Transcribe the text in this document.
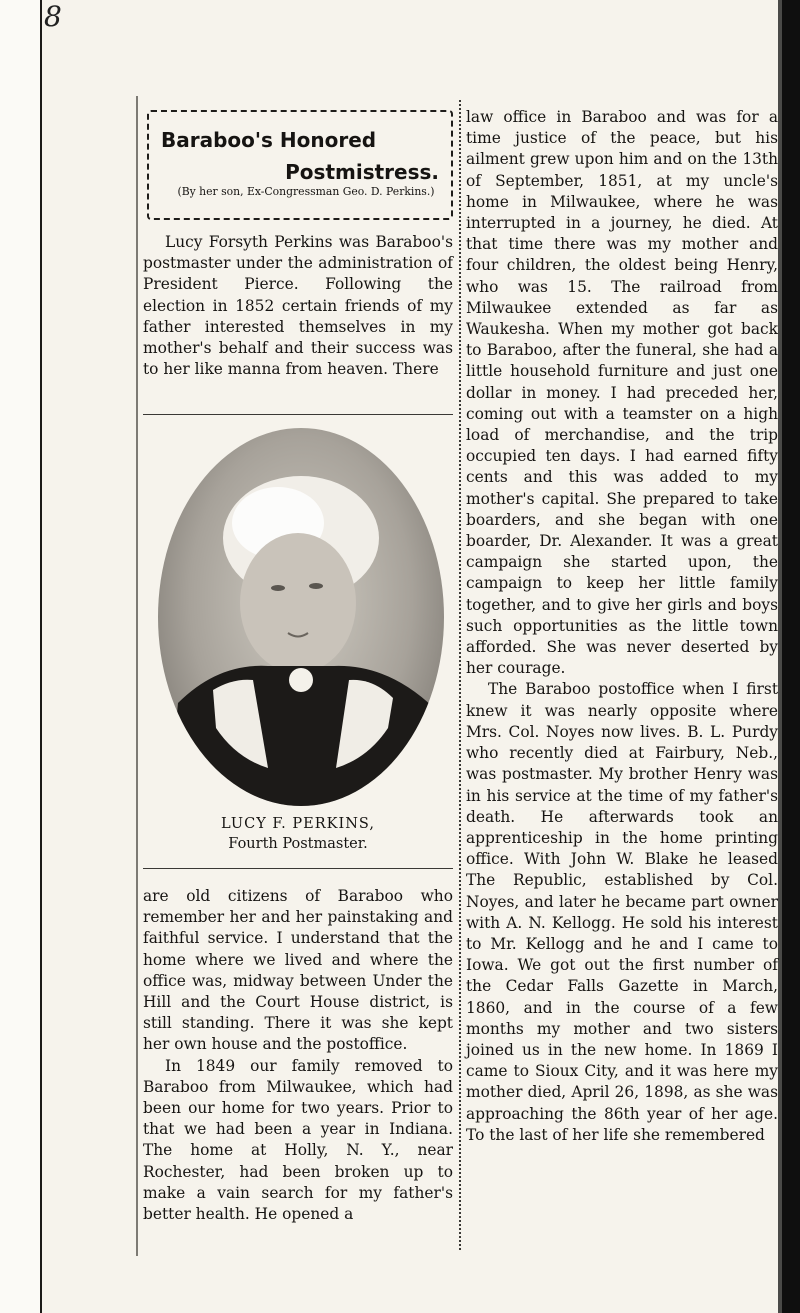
8
Baraboo's Honored
Postmistress.
(By her son, Ex-Congressman Geo. D. Perkins.)

Lucy Forsyth Perkins was Baraboo's postmaster under the administration of President Pierce. Following the election in 1852 certain friends of my father interested themselves in my mother's behalf and their success was to her like manna from heaven. There

LUCY F. PERKINS,
Fourth Postmaster.

are old citizens of Baraboo who remember her and her painstaking and faithful service. I understand that the home where we lived and where the office was, midway between Under the Hill and the Court House district, is still standing. There it was she kept her own house and the postoffice.

In 1849 our family removed to Baraboo from Milwaukee, which had been our home for two years. Prior to that we had been a year in Indiana. The home at Holly, N. Y., near Rochester, had been broken up to make a vain search for my father's better health. He opened a

law office in Baraboo and was for a time justice of the peace, but his ailment grew upon him and on the 13th of September, 1851, at my uncle's home in Milwaukee, where he was interrupted in a journey, he died. At that time there was my mother and four children, the oldest being Henry, who was 15. The railroad from Milwaukee extended as far as Waukesha. When my mother got back to Baraboo, after the funeral, she had a little household furniture and just one dollar in money. I had preceded her, coming out with a teamster on a high load of merchandise, and the trip occupied ten days. I had earned fifty cents and this was added to my mother's capital. She prepared to take boarders, and she began with one boarder, Dr. Alexander. It was a great campaign she started upon, the campaign to keep her little family together, and to give her girls and boys such opportunities as the little town afforded. She was never deserted by her courage.

The Baraboo postoffice when I first knew it was nearly opposite where Mrs. Col. Noyes now lives. B. L. Purdy who recently died at Fairbury, Neb., was postmaster. My brother Henry was in his service at the time of my father's death. He afterwards took an apprenticeship in the home printing office. With John W. Blake he leased The Republic, established by Col. Noyes, and later he became part owner with A. N. Kellogg. He sold his interest to Mr. Kellogg and he and I came to Iowa. We got out the first number of the Cedar Falls Gazette in March, 1860, and in the course of a few months my mother and two sisters joined us in the new home. In 1869 I came to Sioux City, and it was here my mother died, April 26, 1898, as she was approaching the 86th year of her age. To the last of her life she remembered
